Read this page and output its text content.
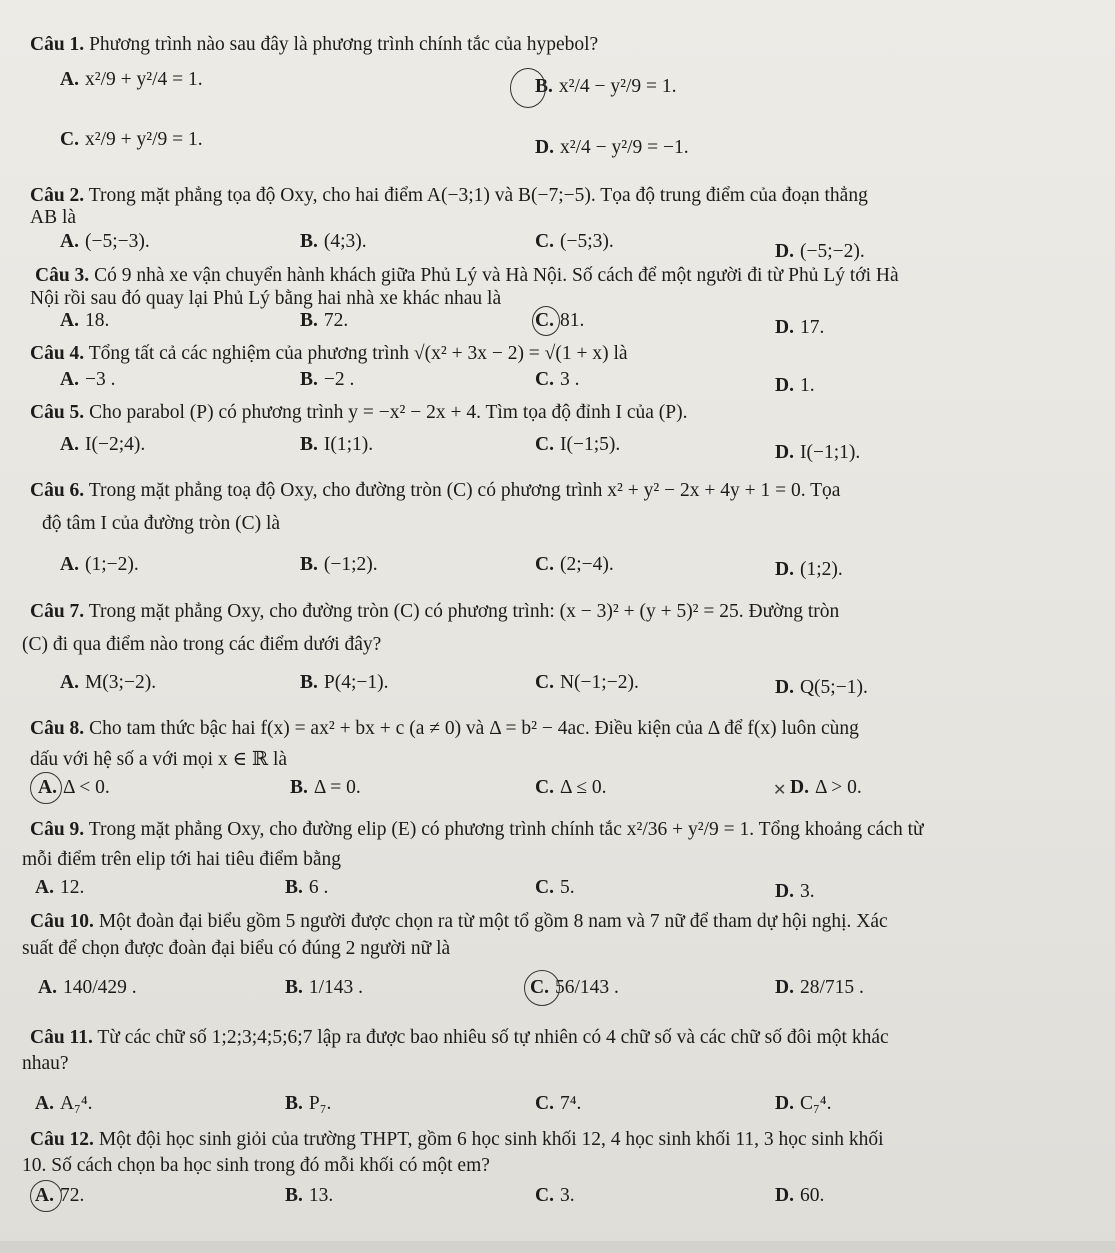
Câu 1. Phương trình nào sau đây là phương trình chính tắc của hypebol?
A. x²/9 + y²/4 = 1.	B. x²/4 − y²/9 = 1.
C. x²/9 + y²/9 = 1.	D. x²/4 − y²/9 = −1.
Câu 2. Trong mặt phẳng tọa độ Oxy, cho hai điểm A(−3;1) và B(−7;−5). Tọa độ trung điểm của đoạn thẳng
AB là
A. (−5;−3).	B. (4;3).	C. (−5;3).	D. (−5;−2).
Câu 3. Có 9 nhà xe vận chuyển hành khách giữa Phủ Lý và Hà Nội. Số cách để một người đi từ Phủ Lý tới Hà
Nội rồi sau đó quay lại Phủ Lý bằng hai nhà xe khác nhau là
A. 18.	B. 72.	C. 81.	D. 17.
Câu 4. Tổng tất cả các nghiệm của phương trình √(x² + 3x − 2) = √(1 + x) là
A. −3 .	B. −2 .	C. 3 .	D. 1.
Câu 5. Cho parabol (P) có phương trình y = −x² − 2x + 4. Tìm tọa độ đỉnh I của (P).
A. I(−2;4).	B. I(1;1).	C. I(−1;5).	D. I(−1;1).
Câu 6. Trong mặt phẳng toạ độ Oxy, cho đường tròn (C) có phương trình x² + y² − 2x + 4y + 1 = 0. Tọa
độ tâm I của đường tròn (C) là
A. (1;−2).	B. (−1;2).	C. (2;−4).	D. (1;2).
Câu 7. Trong mặt phẳng Oxy, cho đường tròn (C) có phương trình: (x − 3)² + (y + 5)² = 25. Đường tròn
(C) đi qua điểm nào trong các điểm dưới đây?
A. M(3;−2).	B. P(4;−1).	C. N(−1;−2).	D. Q(5;−1).
Câu 8. Cho tam thức bậc hai f(x) = ax² + bx + c (a ≠ 0) và Δ = b² − 4ac. Điều kiện của Δ để f(x) luôn cùng
dấu với hệ số a với mọi x ∈ ℝ là
A. Δ < 0.	B. Δ = 0.	C. Δ ≤ 0.	✕ D. Δ > 0.
Câu 9. Trong mặt phẳng Oxy, cho đường elip (E) có phương trình chính tắc x²/36 + y²/9 = 1. Tổng khoảng cách từ
mỗi điểm trên elip tới hai tiêu điểm bằng
A. 12.	B. 6 .	C. 5.	D. 3.
Câu 10. Một đoàn đại biểu gồm 5 người được chọn ra từ một tổ gồm 8 nam và 7 nữ để tham dự hội nghị. Xác
suất để chọn được đoàn đại biểu có đúng 2 người nữ là
A. 140/429 .	B. 1/143 .	C. 56/143 .	D. 28/715 .
Câu 11. Từ các chữ số 1;2;3;4;5;6;7 lập ra được bao nhiêu số tự nhiên có 4 chữ số và các chữ số đôi một khác
nhau?
A. A₇⁴.	B. P₇.	C. 7⁴.	D. C₇⁴.
Câu 12. Một đội học sinh giỏi của trường THPT, gồm 6 học sinh khối 12, 4 học sinh khối 11, 3 học sinh khối
10. Số cách chọn ba học sinh trong đó mỗi khối có một em?
A. 72.	B. 13.	C. 3.	D. 60.
